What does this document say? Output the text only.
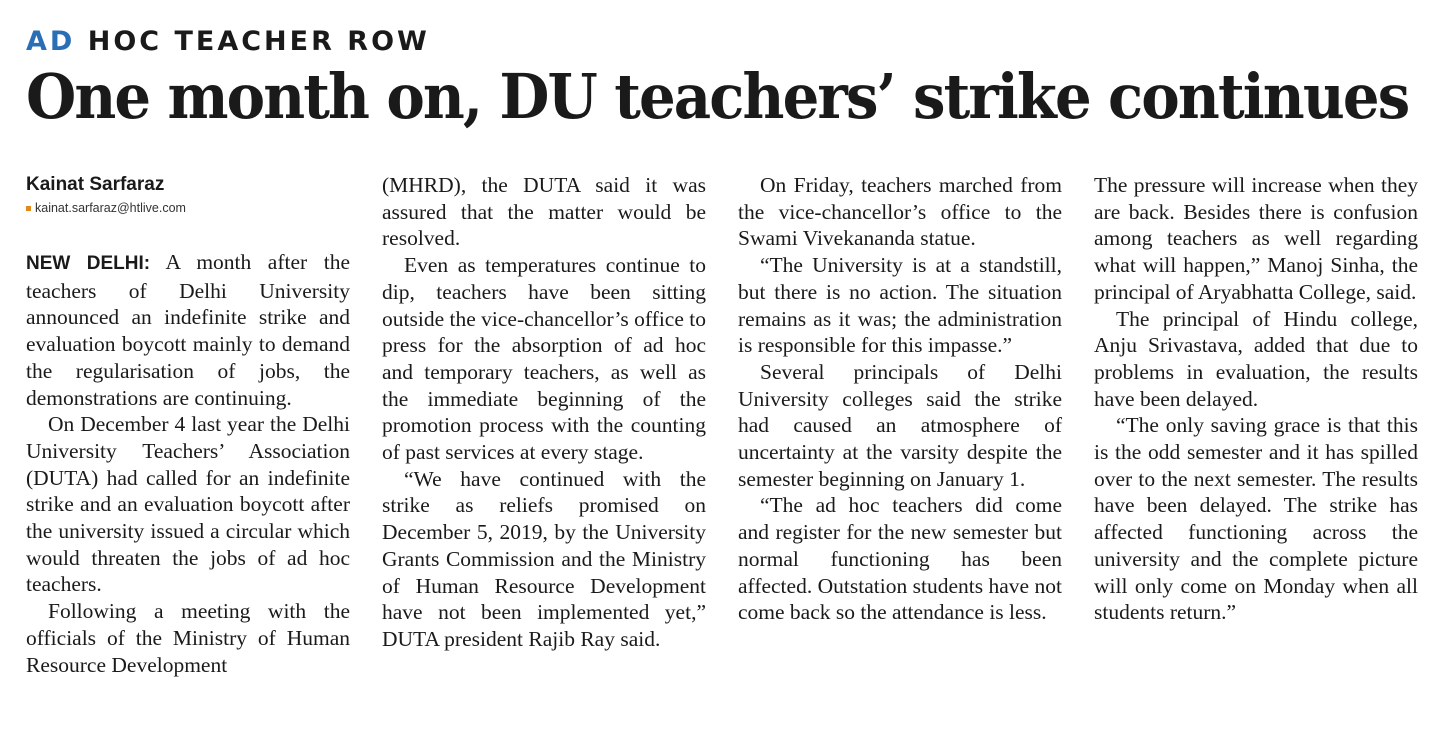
AD HOC TEACHER ROW
One month on, DU teachers’ strike continues
Kainat Sarfaraz
kainat.sarfaraz@htlive.com

NEW DELHI: A month after the teachers of Delhi University announced an indefinite strike and evaluation boycott mainly to demand the regularisation of jobs, the demonstrations are continuing.

On December 4 last year the Delhi University Teachers’ Association (DUTA) had called for an indefinite strike and an evaluation boycott after the university issued a circular which would threaten the jobs of ad hoc teachers.

Following a meeting with the officials of the Ministry of Human Resource Development

(MHRD), the DUTA said it was assured that the matter would be resolved.

Even as temperatures continue to dip, teachers have been sitting outside the vice-chancellor’s office to press for the absorption of ad hoc and temporary teachers, as well as the immediate beginning of the promotion process with the counting of past services at every stage.

“We have continued with the strike as reliefs promised on December 5, 2019, by the University Grants Commission and the Ministry of Human Resource Development have not been implemented yet,” DUTA president Rajib Ray said.

On Friday, teachers marched from the vice-chancellor’s office to the Swami Vivekananda statue.

“The University is at a standstill, but there is no action. The situation remains as it was; the administration is responsible for this impasse.”

Several principals of Delhi University colleges said the strike had caused an atmosphere of uncertainty at the varsity despite the semester beginning on January 1.

“The ad hoc teachers did come and register for the new semester but normal functioning has been affected. Outstation students have not come back so the attendance is less.

The pressure will increase when they are back. Besides there is confusion among teachers as well regarding what will happen,” Manoj Sinha, the principal of Aryabhatta College, said.

The principal of Hindu college, Anju Srivastava, added that due to problems in evaluation, the results have been delayed.

“The only saving grace is that this is the odd semester and it has spilled over to the next semester. The results have been delayed. The strike has affected functioning across the university and the complete picture will only come on Monday when all students return.”
